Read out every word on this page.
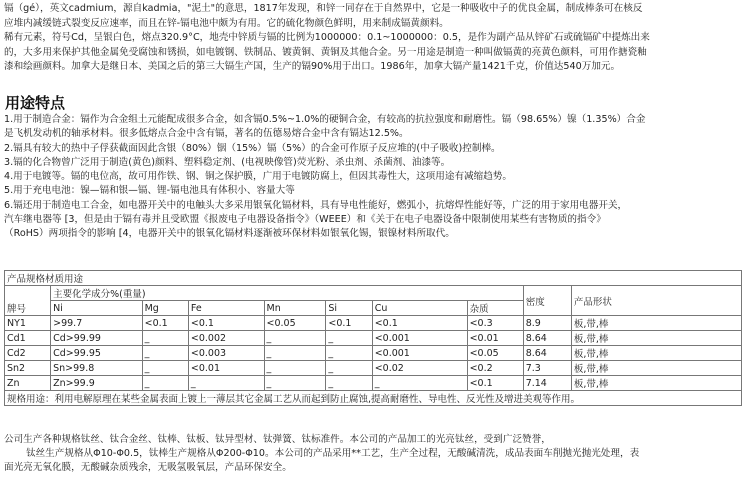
镉（gé），英文cadmium，源自kadmia，"泥土"的意思，1817年发现，和锌一同存在于自然界中，它是一种吸收中子的优良金属，制成棒条可在核反

应堆内减缓链式裂变反应速率，而且在锌-镉电池中颇为有用。它的硫化物颜色鲜明，用来制成镉黄颜料。

稀有元素，符号Cd，呈银白色，熔点320.9°C，地壳中锌质与镉的比例为1000000：0.1~1000000：0.5，是作为副产品从锌矿石或硫镉矿中提炼出来

的，大多用来保护其他金属免受腐蚀和锈损，如电镀钢、铁制品、镀黄铜、黄铜及其他合金。另一用途是制造一种叫做镉黄的亮黄色颜料，可用作搪瓷釉

漆和绘画颜料。加拿大是继日本、美国之后的第三大镉生产国，生产的镉90%用于出口。1986年，加拿大镉产量1421千克，价值达540万加元。

用途特点

1.用于制造合金：镉作为合金组土元能配成很多合金，如含镉0.5%~1.0%的硬铜合金，有较高的抗拉强度和耐磨性。镉（98.65%）镍（1.35%）合金

是飞机发动机的轴承材料。很多低熔点合金中含有镉，著名的伍德易熔合金中含有镉达12.5%。

2.镉具有较大的热中子俘获截面因此含银（80%）铟（15%）镉（5%）的合金可作原子反应堆的(中子吸收)控制棒。

3.镉的化合物曾广泛用于制造(黄色)颜料、塑料稳定剂、(电视映像管)荧光粉、杀虫剂、杀菌剂、油漆等。

4.用于电镀等。镉的电位高，故可用作铁、钢、铜之保护膜，广用于电镀防腐上，但因其毒性大，这项用途有减缩趋势。

5.用于充电电池：镍—镉和银—镉、锂-镉电池具有体积小、容量大等

6.镉还用于制造电工合金，如电器开关中的电触头大多采用银氧化镉材料，具有导电性能好，燃弧小，抗熔焊性能好等，广泛的用于家用电器开关，

汽车继电器等 [3，但是由于镉有毒并且受欧盟《报废电子电器设备指令》（WEEE）和《关于在电子电器设备中限制使用某些有害物质的指令》

（RoHS）两项指令的影响 [4，电器开关中的银氧化镉材料逐渐被环保材料如银氧化锡，银镍材料所取代。

产品规格材质用途									
牌号	主要化学成分%(重量)							密度	产品形状
	Ni	Mg	Fe	Mn	Si	Cu	杂质		
NY1	>99.7	<0.1	<0.1	<0.05	<0.1	<0.1	<0.3	8.9	板,带,棒
Cd1	Cd>99.99	_	<0.002	_	_	<0.001	<0.01	8.64	板,带,棒
Cd2	Cd>99.95	_	<0.003	_	_	<0.001	<0.05	8.64	板,带,棒
Sn2	Sn>99.8	_	<0.01	_	_	<0.02	<0.2	7.3	板,带,棒
Zn	Zn>99.9	_	_	_	_	_	<0.1	7.14	板,带,棒
规格用途：利用电解原理在某些金属表面上镀上一薄层其它金属工艺从而起到防止腐蚀,提高耐磨性、导电性、反光性及增进美观等作用。									

公司生产各种规格钛丝、钛合金丝、钛棒、钛板、钛异型材、钛弹簧、钛标准件。本公司的产品加工的光亮钛丝，受到广泛赞誉，

钛丝生产规格从Φ10-Φ0.5，钛棒生产规格从Φ200-Φ10。本公司的产品采用**工艺，生产全过程，无酸碱清洗，成品表面车削抛光抛光处理，表

面光亮无氧化膜，无酸碱杂质残余，无吸氢吸氧层，产品环保安全。
